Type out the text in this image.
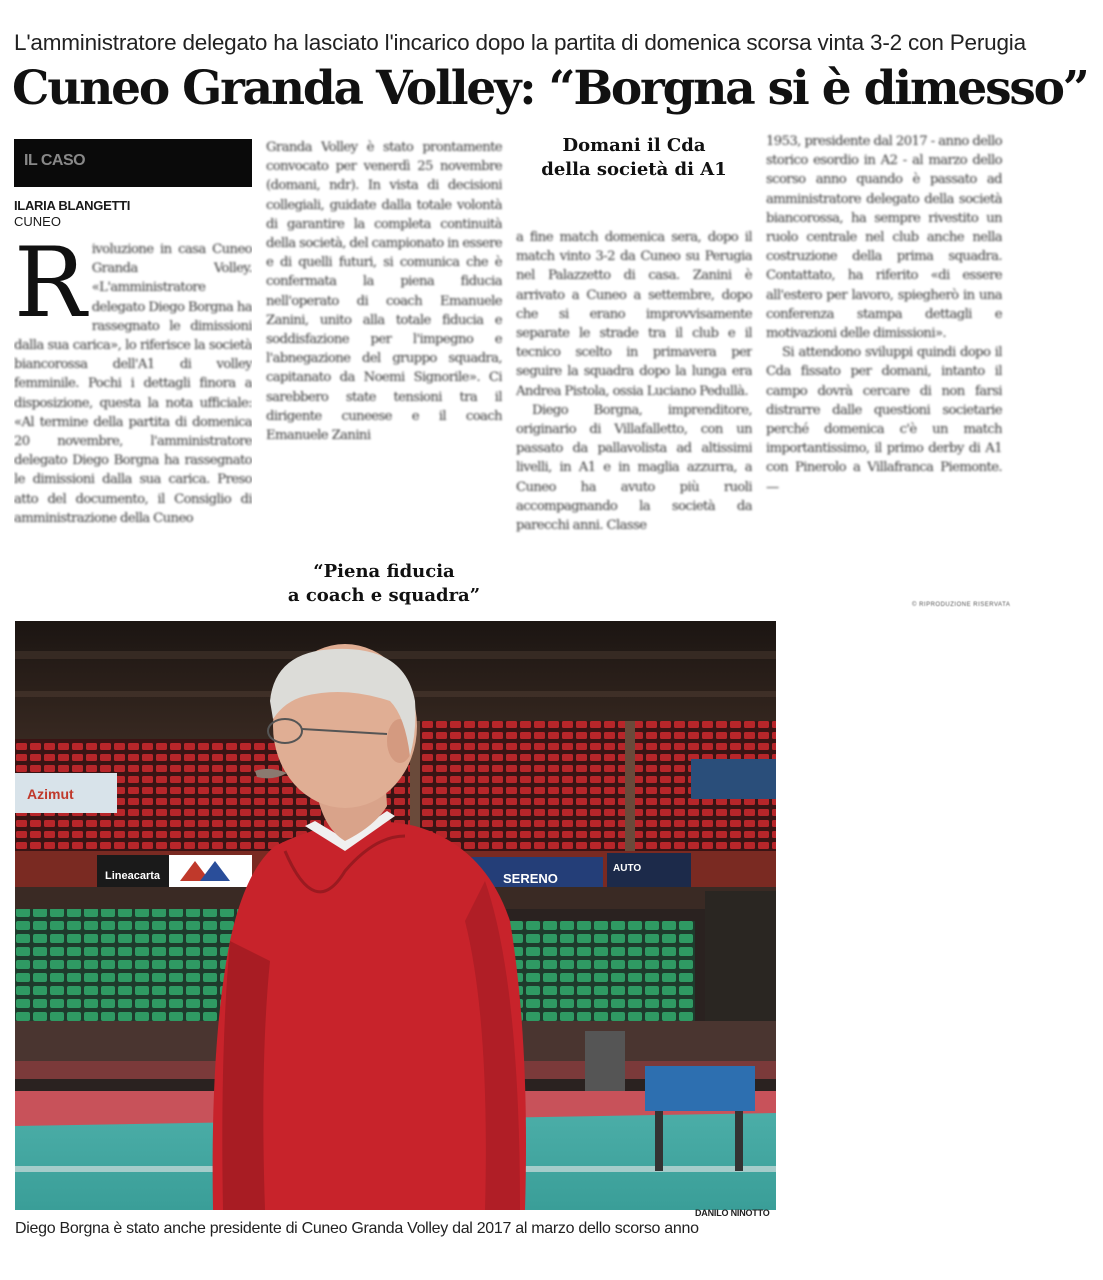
L'amministratore delegato ha lasciato l'incarico dopo la partita di domenica scorsa vinta 3-2 con Perugia
Cuneo Granda Volley: “Borgna si è dimesso”
IL CASO
ILARIA BLANGETTI
CUNEO
R ivoluzione in casa Cuneo Granda Volley. «L'amministratore delegato Diego Borgna ha rassegnato le dimissioni dalla sua carica», lo riferisce la società biancorossa dell'A1 di volley femminile. Pochi i dettagli finora a disposizione, questa la nota ufficiale: «Al termine della partita di domenica 20 novembre, l'amministratore delegato Diego Borgna ha rassegnato le dimissioni dalla sua carica. Preso atto del documento, il Consiglio di amministrazione della Cuneo

Granda Volley è stato prontamente convocato per venerdì 25 novembre (domani, ndr). In vista di decisioni collegiali, guidate dalla totale volontà di garantire la completa continuità della società, del campionato in essere e di quelli futuri, si comunica che è confermata la piena fiducia nell'operato di coach Emanuele Zanini, unito alla totale fiducia e soddisfazione per l'impegno e l'abnegazione del gruppo squadra, capitanato da Noemi Signorile». Ci sarebbero state tensioni tra il dirigente cuneese e il coach Emanuele Zanini

“Piena fiducia
a coach e squadra”
Domani il Cda
della società di A1

a fine match domenica sera, dopo il match vinto 3-2 da Cuneo su Perugia nel Palazzetto di casa. Zanini è arrivato a Cuneo a settembre, dopo che si erano improvvisamente separate le strade tra il club e il tecnico scelto in primavera per seguire la squadra dopo la lunga era Andrea Pistola, ossia Luciano Pedullà.

Diego Borgna, imprenditore, originario di Villafalletto, con un passato da pallavolista ad altissimi livelli, in A1 e in maglia azzurra, a Cuneo ha avuto più ruoli accompagnando la società da parecchi anni. Classe

1953, presidente dal 2017 - anno dello storico esordio in A2 - al marzo dello scorso anno quando è passato ad amministratore delegato della società biancorossa, ha sempre rivestito un ruolo centrale nel club anche nella costruzione della prima squadra. Contattato, ha riferito «di essere all'estero per lavoro, spiegherò in una conferenza stampa dettagli e motivazioni delle dimissioni».

Si attendono sviluppi quindi dopo il Cda fissato per domani, intanto il campo dovrà cercare di non farsi distrarre dalle questioni societarie perché domenica c'è un match importantissimo, il primo derby di A1 con Pinerolo a Villafranca Piemonte. —

© RIPRODUZIONE RISERVATA
Azimut
Lineacarta	SERENO
AUTO
DANILO NINOTTO
Diego Borgna è stato anche presidente di Cuneo Granda Volley dal 2017 al marzo dello scorso anno
